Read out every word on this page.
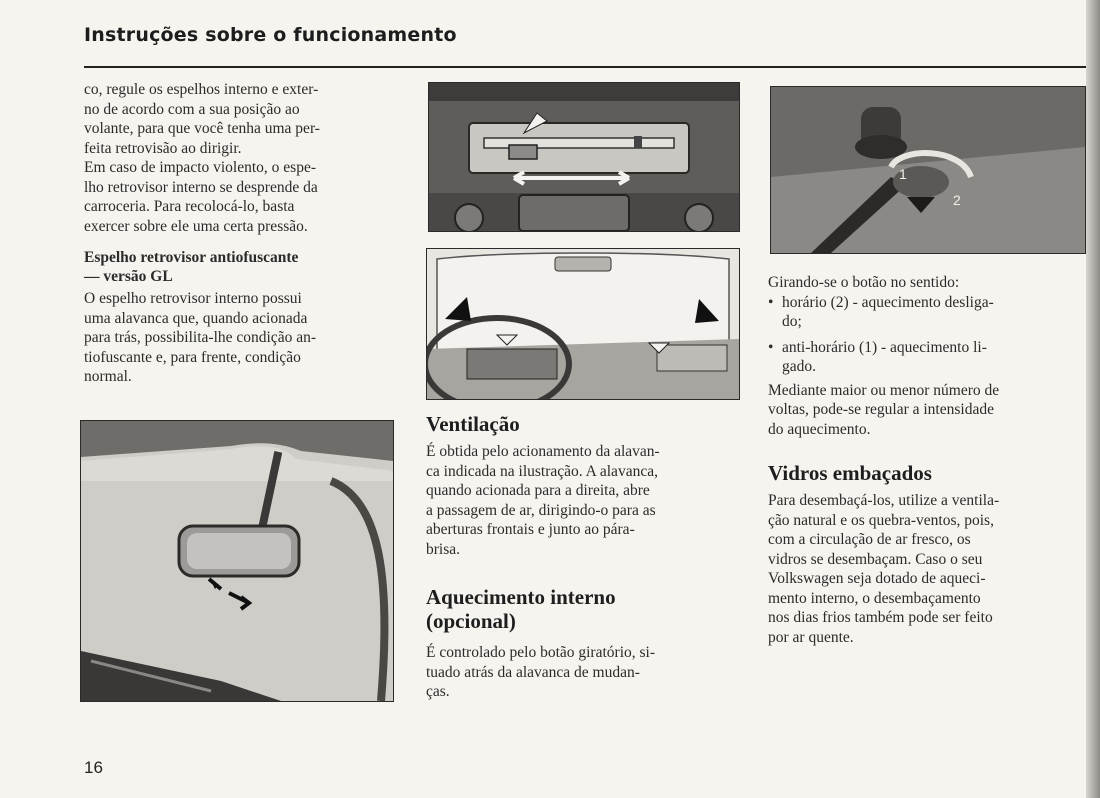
Instruções sobre o funcionamento

co, regule os espelhos interno e exter-
no de acordo com a sua posição ao
volante, para que você tenha uma per-
feita retrovisão ao dirigir.

Em caso de impacto violento, o espe-
lho retrovisor interno se desprende da
carroceria. Para recolocá-lo, basta
exercer sobre ele uma certa pressão.

Espelho retrovisor antiofuscante
— versão GL

O espelho retrovisor interno possui
uma alavanca que, quando acionada
para trás, possibilita-lhe condição an-
tiofuscante e, para frente, condição
normal.

1
2
Ventilação

É obtida pelo acionamento da alavan-
ca indicada na ilustração. A alavanca,
quando acionada para a direita, abre
a passagem de ar, dirigindo-o para as
aberturas frontais e junto ao pára-
brisa.

Aquecimento interno
(opcional)

É controlado pelo botão giratório, si-
tuado atrás da alavanca de mudan-
ças.

Girando-se o botão no sentido:

• horário (2) - aquecimento desliga-
do;
• anti-horário (1) - aquecimento li-
gado.

Mediante maior ou menor número de
voltas, pode-se regular a intensidade
do aquecimento.

Vidros embaçados

Para desembaçá-los, utilize a ventila-
ção natural e os quebra-ventos, pois,
com a circulação de ar fresco, os
vidros se desembaçam. Caso o seu
Volkswagen seja dotado de aqueci-
mento interno, o desembaçamento
nos dias frios também pode ser feito
por ar quente.

16
